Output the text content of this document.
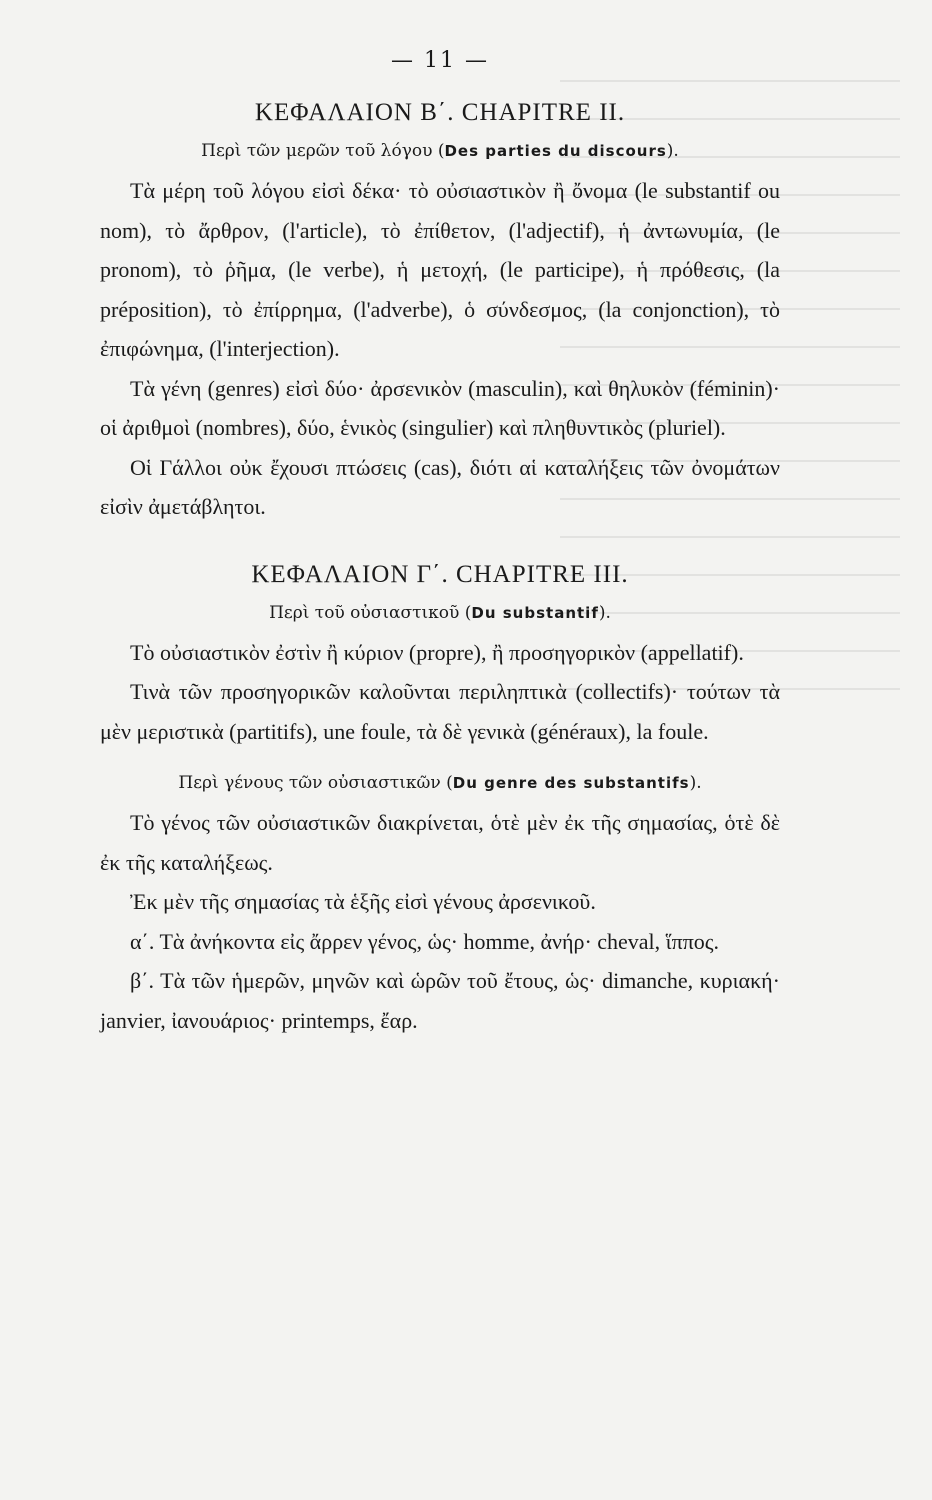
— 11 —
ΚΕΦΑΛΑΙΟΝ Β΄. CHAPITRE II.
Περὶ τῶν μερῶν τοῦ λόγου (Des parties du discours).

Τὰ μέρη τοῦ λόγου εἰσὶ δέκα· τὸ οὐσιαστικὸν ἢ ὄνομα (le substantif ou nom), τὸ ἄρθρον, (l'article), τὸ ἐπίθετον, (l'adjectif), ἡ ἀντωνυμία, (le pronom), τὸ ῥῆμα, (le verbe), ἡ μετοχή, (le participe), ἡ πρόθεσις, (la préposition), τὸ ἐπίρρημα, (l'adverbe), ὁ σύνδεσμος, (la conjonction), τὸ ἐπιφώνημα, (l'interjection).

Τὰ γένη (genres) εἰσὶ δύο· ἀρσενικὸν (masculin), καὶ θηλυκὸν (féminin)· οἱ ἀριθμοὶ (nombres), δύο, ἑνικὸς (singulier) καὶ πληθυντικὸς (pluriel).

Οἱ Γάλλοι οὐκ ἔχουσι πτώσεις (cas), διότι αἱ καταλήξεις τῶν ὀνομάτων εἰσὶν ἀμετάβλητοι.

ΚΕΦΑΛΑΙΟΝ Γ΄. CHAPITRE III.
Περὶ τοῦ οὐσιαστικοῦ (Du substantif).

Τὸ οὐσιαστικὸν ἐστὶν ἢ κύριον (propre), ἢ προσηγορικὸν (appellatif).

Τινὰ τῶν προσηγορικῶν καλοῦνται περιληπτικὰ (collectifs)· τούτων τὰ μὲν μεριστικὰ (partitifs), une foule, τὰ δὲ γενικὰ (généraux), la foule.

Περὶ γένους τῶν οὐσιαστικῶν (Du genre des substantifs).

Τὸ γένος τῶν οὐσιαστικῶν διακρίνεται, ὁτὲ μὲν ἐκ τῆς σημασίας, ὁτὲ δὲ ἐκ τῆς καταλήξεως.

Ἐκ μὲν τῆς σημασίας τὰ ἑξῆς εἰσὶ γένους ἀρσενικοῦ.

α΄. Τὰ ἀνήκοντα εἰς ἄρρεν γένος, ὡς· homme, ἀνήρ· cheval, ἵππος.

β΄. Τὰ τῶν ἡμερῶν, μηνῶν καὶ ὡρῶν τοῦ ἔτους, ὡς· dimanche, κυριακή· janvier, ἰανουάριος· printemps, ἔαρ.
